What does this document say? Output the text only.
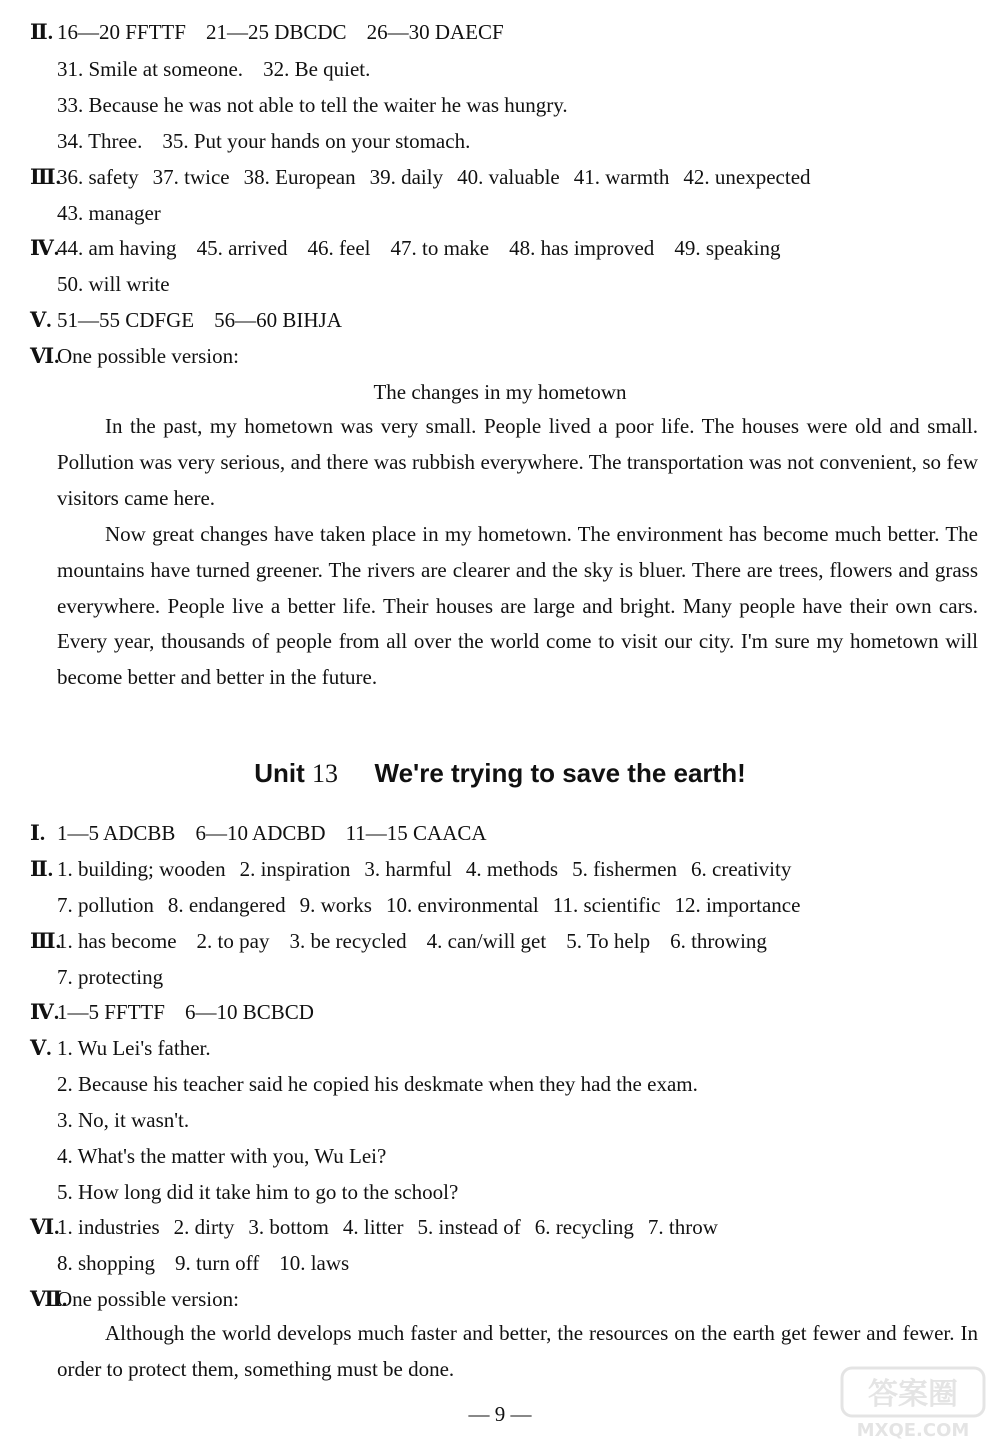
Ⅱ. 16—20 FFTTF 21—25 DBCDC 26—30 DAECF
31. Smile at someone. 32. Be quiet.
33. Because he was not able to tell the waiter he was hungry.
34. Three. 35. Put your hands on your stomach.
Ⅲ.36. safety 37. twice 38. European 39. daily 40. valuable 41. warmth 42. unexpected
43. manager
Ⅳ.44. am having 45. arrived 46. feel 47. to make 48. has improved 49. speaking
50. will write
Ⅴ. 51—55 CDFGE 56—60 BIHJA
Ⅵ.One possible version:
The changes in my hometown
In the past, my hometown was very small. People lived a poor life. The houses were old and small. Pollution was very serious, and there was rubbish everywhere. The transportation was not convenient, so few visitors came here.
Now great changes have taken place in my hometown. The environment has become much better. The mountains have turned greener. The rivers are clearer and the sky is bluer. There are trees, flowers and grass everywhere. People live a better life. Their houses are large and bright. Many people have their own cars. Every year, thousands of people from all over the world come to visit our city. I'm sure my hometown will become better and better in the future.
Unit 13 We're trying to save the earth!
Ⅰ. 1—5 ADCBB 6—10 ADCBD 11—15 CAACA
Ⅱ. 1. building; wooden 2. inspiration 3. harmful 4. methods 5. fishermen 6. creativity
7. pollution 8. endangered 9. works 10. environmental 11. scientific 12. importance
Ⅲ.1. has become 2. to pay 3. be recycled 4. can/will get 5. To help 6. throwing
7. protecting
Ⅳ.1—5 FFTTF 6—10 BCBCD
Ⅴ. 1. Wu Lei's father.
2. Because his teacher said he copied his deskmate when they had the exam.
3. No, it wasn't.
4. What's the matter with you, Wu Lei?
5. How long did it take him to go to the school?
Ⅵ.1. industries 2. dirty 3. bottom 4. litter 5. instead of 6. recycling 7. throw
8. shopping 9. turn off 10. laws
Ⅶ.One possible version:
Although the world develops much faster and better, the resources on the earth get fewer and fewer. In order to protect them, something must be done.
— 9 —
答案圈
MXQE.COM
